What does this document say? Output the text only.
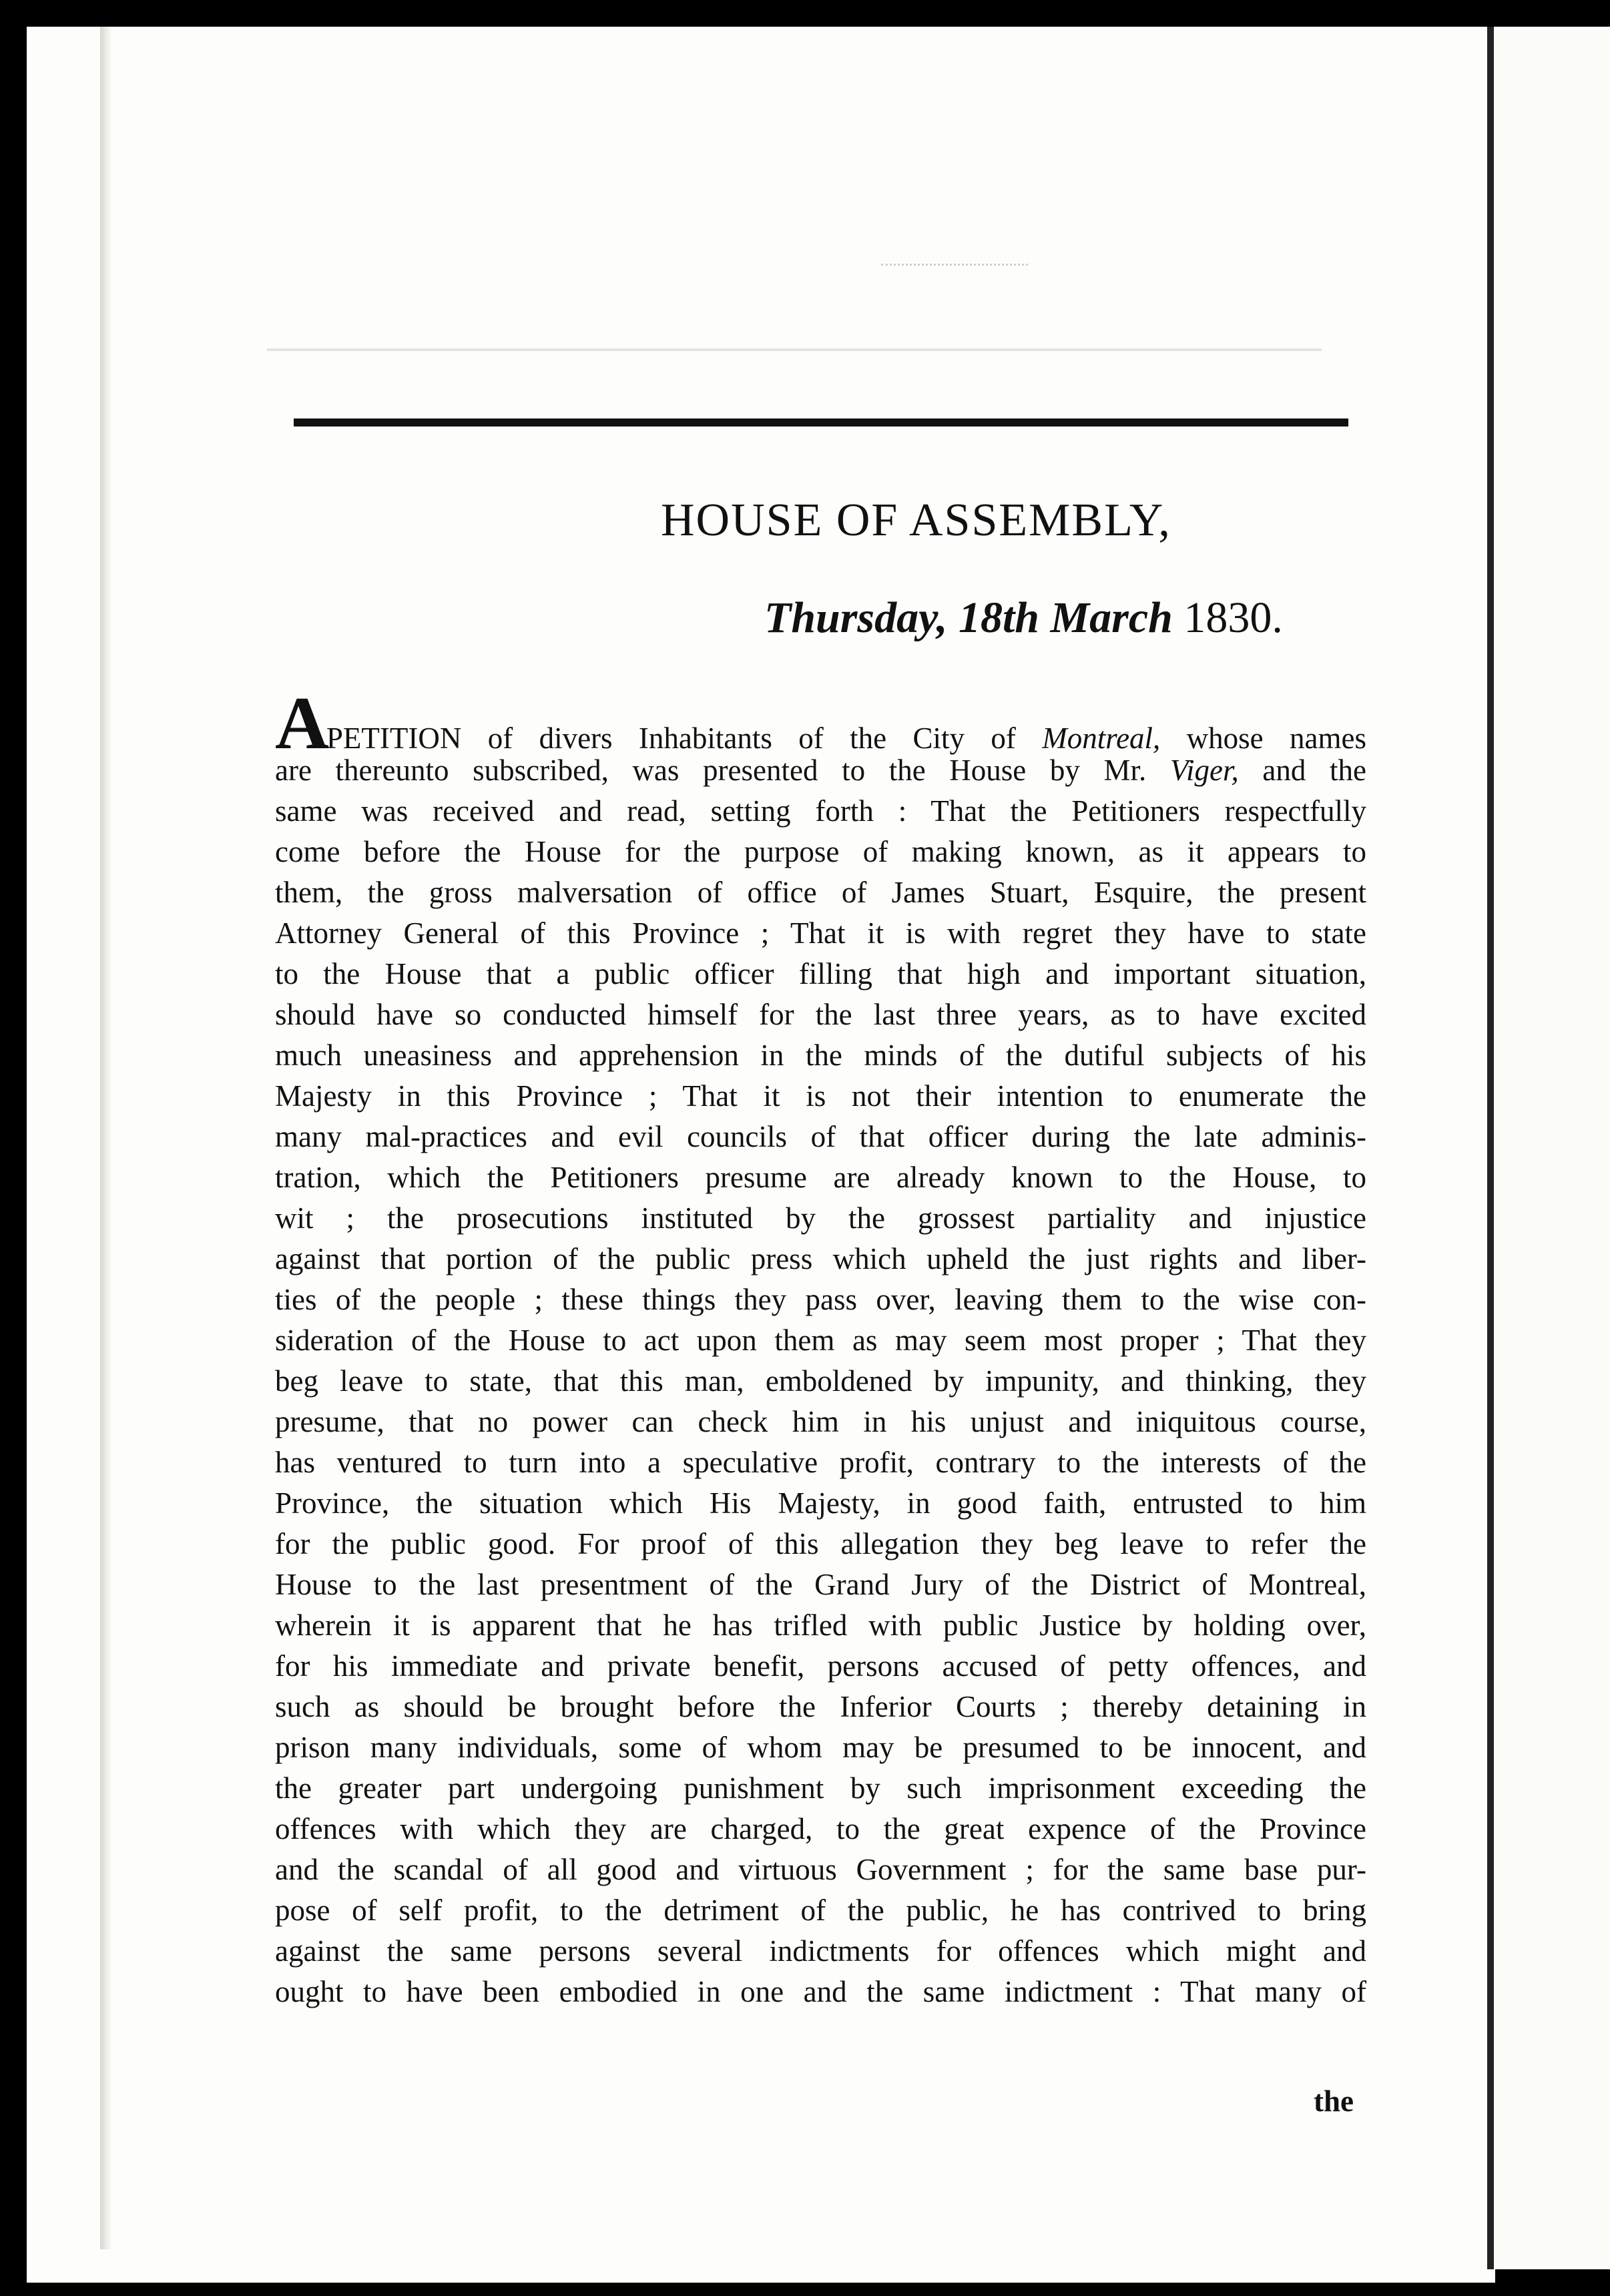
HOUSE OF ASSEMBLY,
Thursday, 18th March 1830.
APETITION of divers Inhabitants of the City of Montreal, whose names
are thereunto subscribed, was presented to the House by Mr. Viger, and the
same was received and read, setting forth : That the Petitioners respectfully
come before the House for the purpose of making known, as it appears to
them, the gross malversation of office of James Stuart, Esquire, the present
Attorney General of this Province ; That it is with regret they have to state
to the House that a public officer filling that high and important situation,
should have so conducted himself for the last three years, as to have excited
much uneasiness and apprehension in the minds of the dutiful subjects of his
Majesty in this Province ; That it is not their intention to enumerate the
many mal-practices and evil councils of that officer during the late adminis-
tration, which the Petitioners presume are already known to the House, to
wit ; the prosecutions instituted by the grossest partiality and injustice
against that portion of the public press which upheld the just rights and liber-
ties of the people ; these things they pass over, leaving them to the wise con-
sideration of the House to act upon them as may seem most proper ; That they
beg leave to state, that this man, emboldened by impunity, and thinking, they
presume, that no power can check him in his unjust and iniquitous course,
has ventured to turn into a speculative profit, contrary to the interests of the
Province, the situation which His Majesty, in good faith, entrusted to him
for the public good. For proof of this allegation they beg leave to refer the
House to the last presentment of the Grand Jury of the District of Montreal,
wherein it is apparent that he has trifled with public Justice by holding over,
for his immediate and private benefit, persons accused of petty offences, and
such as should be brought before the Inferior Courts ; thereby detaining in
prison many individuals, some of whom may be presumed to be innocent, and
the greater part undergoing punishment by such imprisonment exceeding the
offences with which they are charged, to the great expence of the Province
and the scandal of all good and virtuous Government ; for the same base pur-
pose of self profit, to the detriment of the public, he has contrived to bring
against the same persons several indictments for offences which might and
ought to have been embodied in one and the same indictment : That many of
the
